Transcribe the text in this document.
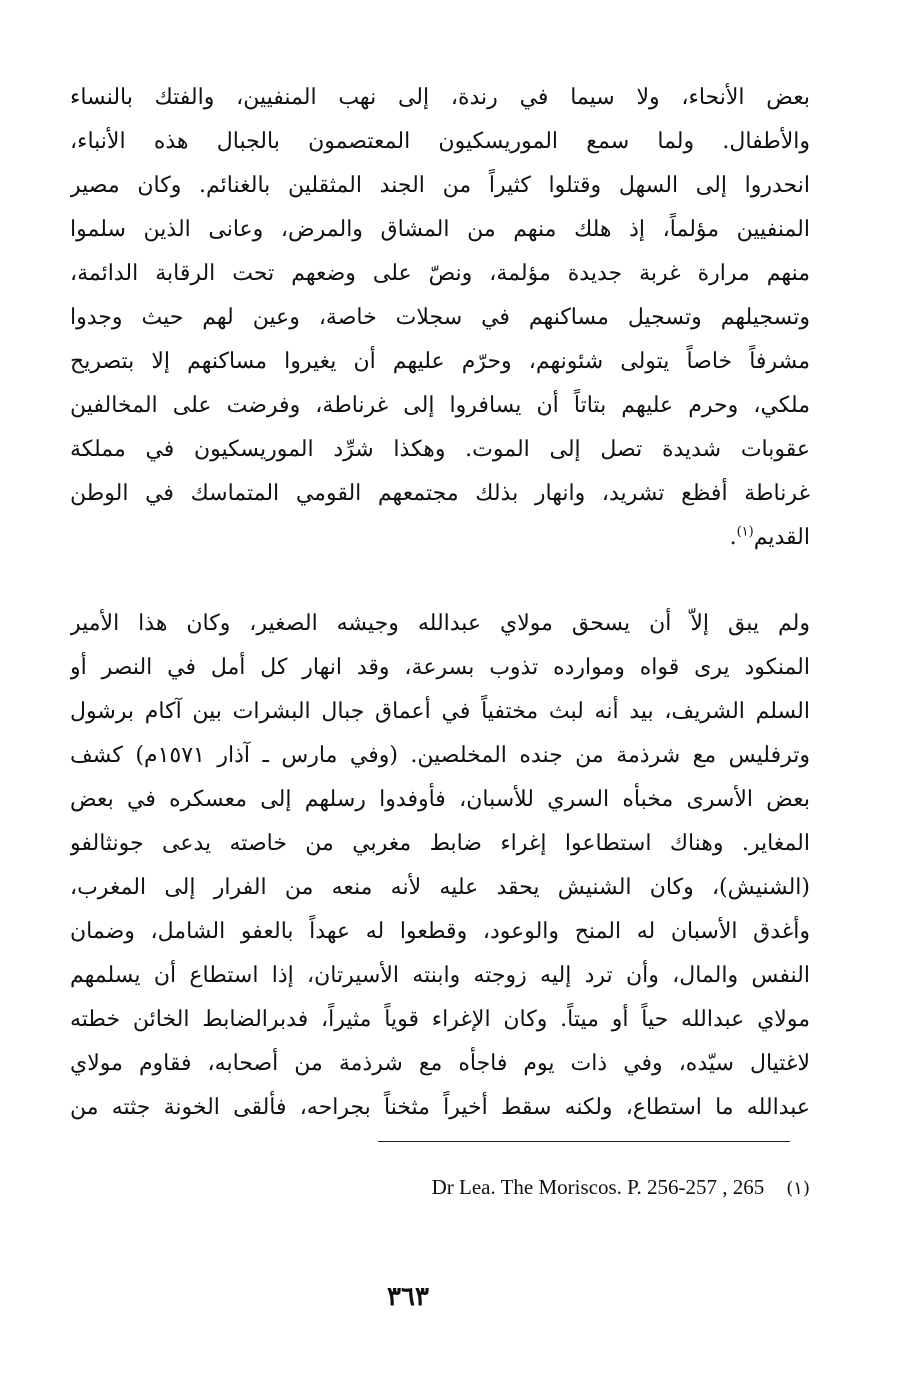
بعض الأنحاء، ولا سيما في رندة، إلى نهب المنفيين، والفتك بالنساء
والأطفال. ولما سمع الموريسكيون المعتصمون بالجبال هذه الأنباء،
انحدروا إلى السهل وقتلوا كثيراً من الجند المثقلين بالغنائم. وكان مصير
المنفيين مؤلماً، إذ هلك منهم من المشاق والمرض، وعانى الذين سلموا
منهم مرارة غربة جديدة مؤلمة، ونصّ على وضعهم تحت الرقابة الدائمة،
وتسجيلهم وتسجيل مساكنهم في سجلات خاصة، وعين لهم حيث وجدوا
مشرفاً خاصاً يتولى شئونهم، وحرّم عليهم أن يغيروا مساكنهم إلا بتصريح
ملكي، وحرم عليهم بتاتاً أن يسافروا إلى غرناطة، وفرضت على المخالفين
عقوبات شديدة تصل إلى الموت. وهكذا شرِّد الموريسكيون في مملكة
غرناطة أفظع تشريد، وانهار بذلك مجتمعهم القومي المتماسك في الوطن
القديم$^{(١)}$.
ولم يبق إلاّ أن يسحق مولاي عبدالله وجيشه الصغير، وكان هذا الأمير
المنكود يرى قواه وموارده تذوب بسرعة، وقد انهار كل أمل في النصر أو
السلم الشريف، بيد أنه لبث مختفياً في أعماق جبال البشرات بين آكام برشول
وترفليس مع شرذمة من جنده المخلصين. (وفي مارس ـ آذار ١٥٧١م) كشف
بعض الأسرى مخبأه السري للأسبان، فأوفدوا رسلهم إلى معسكره في بعض
المغاير. وهناك استطاعوا إغراء ضابط مغربي من خاصته يدعى جونثالفو
(الشنيش)، وكان الشنيش يحقد عليه لأنه منعه من الفرار إلى المغرب،
وأغدق الأسبان له المنح والوعود، وقطعوا له عهداً بالعفو الشامل، وضمان
النفس والمال، وأن ترد إليه زوجته وابنته الأسيرتان، إذا استطاع أن يسلمهم
مولاي عبدالله حياً أو ميتاً. وكان الإغراء قوياً مثيراً، فدبرالضابط الخائن خطته
لاغتيال سيّده، وفي ذات يوم فاجأه مع شرذمة من أصحابه، فقاوم مولاي
عبدالله ما استطاع، ولكنه سقط أخيراً مثخناً بجراحه، فألقى الخونة جثته من
Dr Lea. The Moriscos. P. 256-257 , 265 (١)
٣٦٣
